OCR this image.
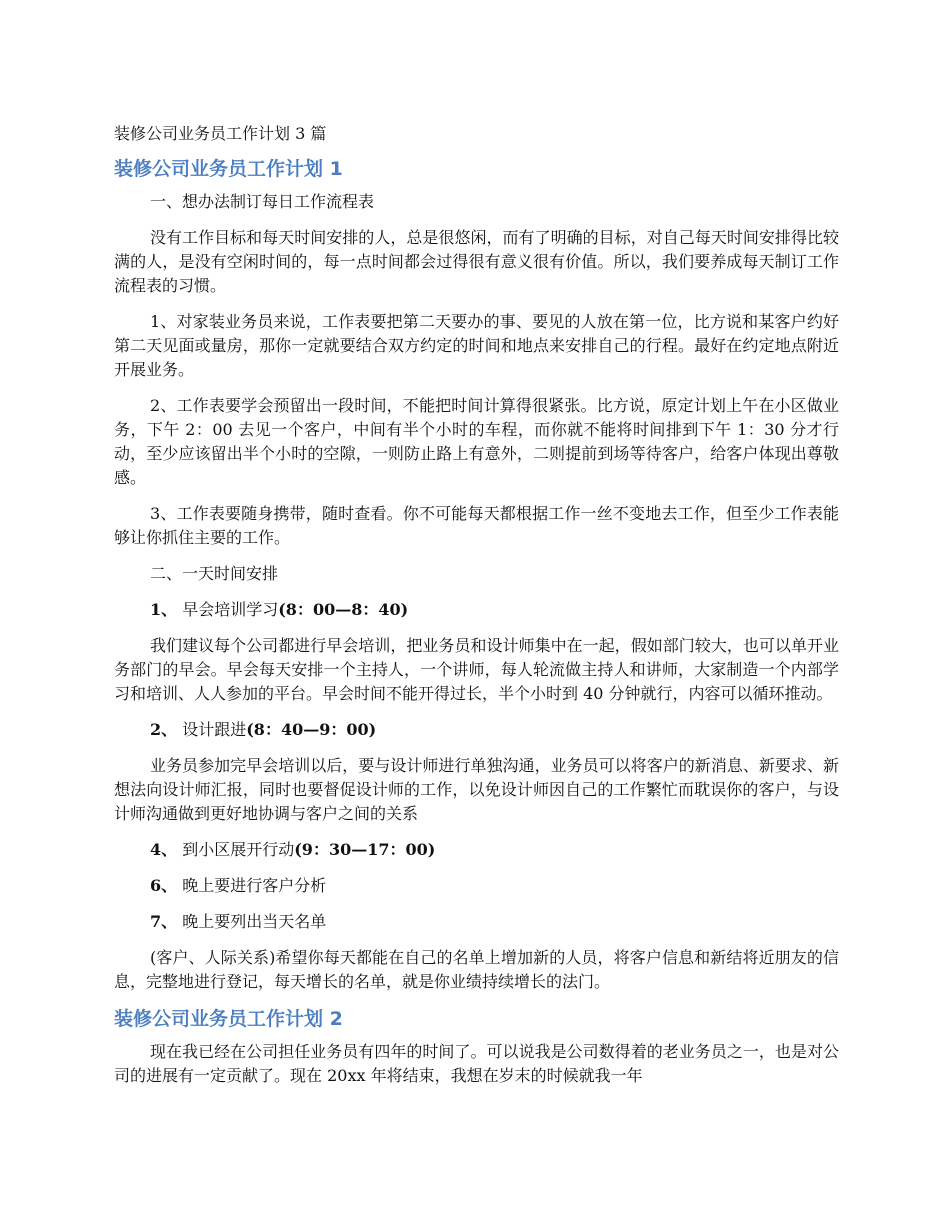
装修公司业务员工作计划 3 篇
装修公司业务员工作计划 1

一、想办法制订每日工作流程表

没有工作目标和每天时间安排的人，总是很悠闲，而有了明确的目标，对自己每天时间安排得比较满的人，是没有空闲时间的，每一点时间都会过得很有意义很有价值。所以，我们要养成每天制订工作流程表的习惯。

1、对家装业务员来说，工作表要把第二天要办的事、要见的人放在第一位，比方说和某客户约好第二天见面或量房，那你一定就要结合双方约定的时间和地点来安排自己的行程。最好在约定地点附近开展业务。

2、工作表要学会预留出一段时间，不能把时间计算得很紧张。比方说，原定计划上午在小区做业务，下午 2：00 去见一个客户，中间有半个小时的车程，而你就不能将时间排到下午 1：30 分才行动，至少应该留出半个小时的空隙，一则防止路上有意外，二则提前到场等待客户，给客户体现出尊敬感。

3、工作表要随身携带，随时查看。你不可能每天都根据工作一丝不变地去工作，但至少工作表能够让你抓住主要的工作。

二、一天时间安排

1、 早会培训学习(8：00—8：40)

我们建议每个公司都进行早会培训，把业务员和设计师集中在一起，假如部门较大，也可以单开业务部门的早会。早会每天安排一个主持人，一个讲师，每人轮流做主持人和讲师，大家制造一个内部学习和培训、人人参加的平台。早会时间不能开得过长，半个小时到 40 分钟就行，内容可以循环推动。

2、 设计跟进(8：40—9：00)

业务员参加完早会培训以后，要与设计师进行单独沟通，业务员可以将客户的新消息、新要求、新想法向设计师汇报，同时也要督促设计师的工作，以免设计师因自己的工作繁忙而耽误你的客户，与设计师沟通做到更好地协调与客户之间的关系

4、 到小区展开行动(9：30—17：00)

6、 晚上要进行客户分析

7、 晚上要列出当天名单

(客户、人际关系)希望你每天都能在自己的名单上增加新的人员，将客户信息和新结将近朋友的信息，完整地进行登记，每天增长的名单，就是你业绩持续增长的法门。

装修公司业务员工作计划 2

现在我已经在公司担任业务员有四年的时间了。可以说我是公司数得着的老业务员之一，也是对公司的进展有一定贡献了。现在 20xx 年将结束，我想在岁末的时候就我一年
